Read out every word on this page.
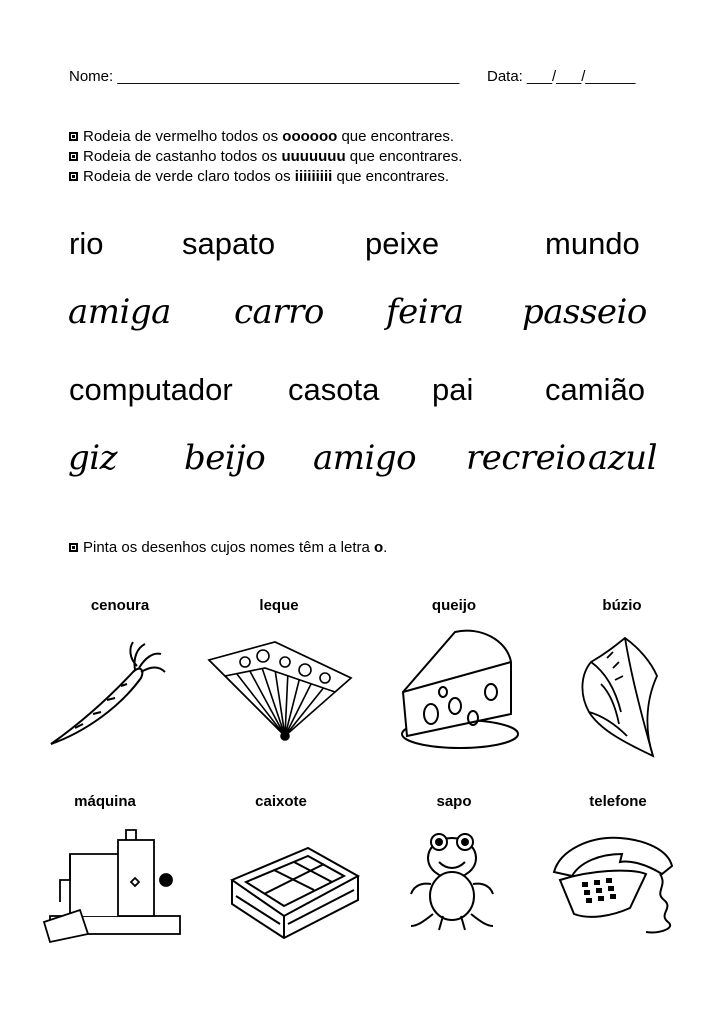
Nome: _________________________________________ Data: ___/___/______
Rodeia de vermelho todos os oooooo que encontrares.
Rodeia de castanho todos os uuuuuuu que encontrares.
Rodeia de verde claro todos os iiiiiiiii que encontrares.
rio	sapato	peixe	mundo
amiga carro feira passeio
computador casota pai camião
giz beijo amigo recreio azul
Pinta os desenhos cujos nomes têm a letra o.
cenoura	leque	queijo	búzio
máquina	caixote	sapo	telefone
